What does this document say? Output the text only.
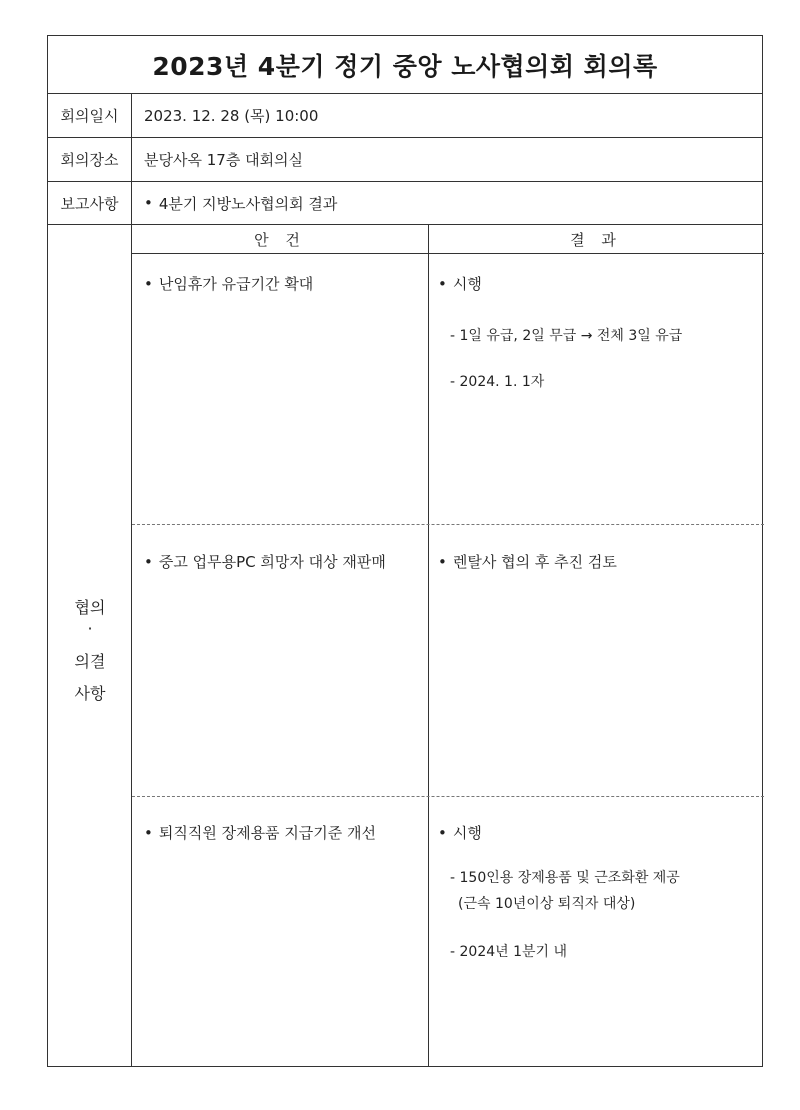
2023년 4분기 정기 중앙 노사협의회 회의록
회의일시	2023. 12. 28 (목) 10:00
회의장소	분당사옥 17층 대회의실
보고사항	• 4분기 지방노사협의회 결과
협의
·
의결
사항
안 건	결 과
• 난임휴가 유급기간 확대	• 시행
- 1일 유급, 2일 무급 → 전체 3일 유급
- 2024. 1. 1자
• 중고 업무용PC 희망자 대상 재판매	• 렌탈사 협의 후 추진 검토
• 퇴직직원 장제용품 지급기준 개선	• 시행
- 150인용 장제용품 및 근조화환 제공
(근속 10년이상 퇴직자 대상)
- 2024년 1분기 내
